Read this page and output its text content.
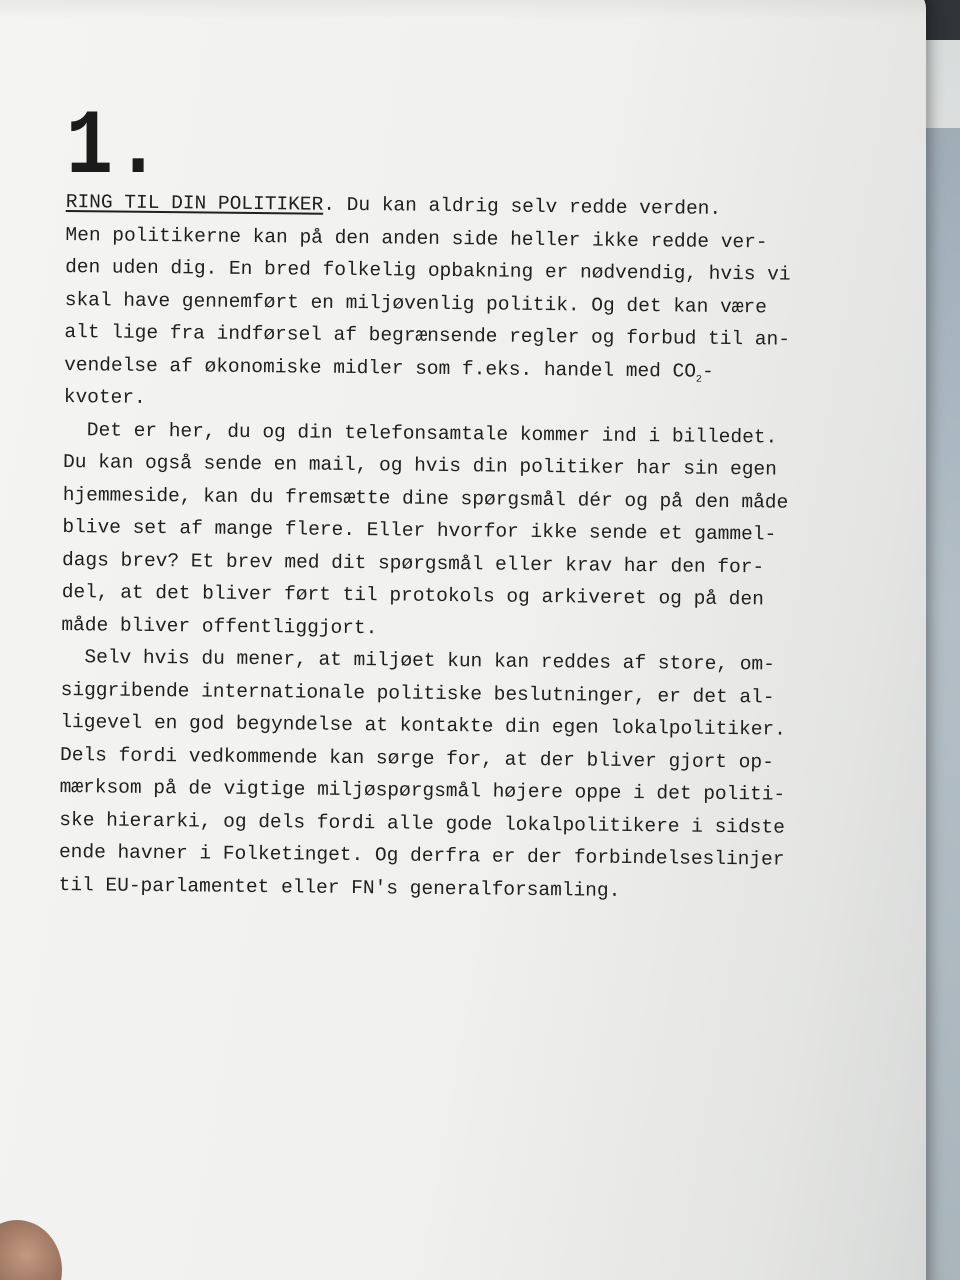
1.
RING TIL DIN POLITIKER. Du kan aldrig selv redde verden.
Men politikerne kan på den anden side heller ikke redde ver-
den uden dig. En bred folkelig opbakning er nødvendig, hvis vi
skal have gennemført en miljøvenlig politik. Og det kan være
alt lige fra indførsel af begrænsende regler og forbud til an-
vendelse af økonomiske midler som f.eks. handel med $CO_2-$
kvoter.
Det er her, du og din telefonsamtale kommer ind i billedet.
Du kan også sende en mail, og hvis din politiker har sin egen
hjemmeside, kan du fremsætte dine spørgsmål dér og på den måde
blive set af mange flere. Eller hvorfor ikke sende et gammel-
dags brev? Et brev med dit spørgsmål eller krav har den for-
del, at det bliver ført til protokols og arkiveret og på den
måde bliver offentliggjort.
Selv hvis du mener, at miljøet kun kan reddes af store, om-
siggribende internationale politiske beslutninger, er det al-
ligevel en god begyndelse at kontakte din egen lokalpolitiker.
Dels fordi vedkommende kan sørge for, at der bliver gjort op-
mærksom på de vigtige miljøspørgsmål højere oppe i det politi-
ske hierarki, og dels fordi alle gode lokalpolitikere i sidste
ende havner i Folketinget. Og derfra er der forbindelseslinjer
til EU-parlamentet eller FN's generalforsamling.
